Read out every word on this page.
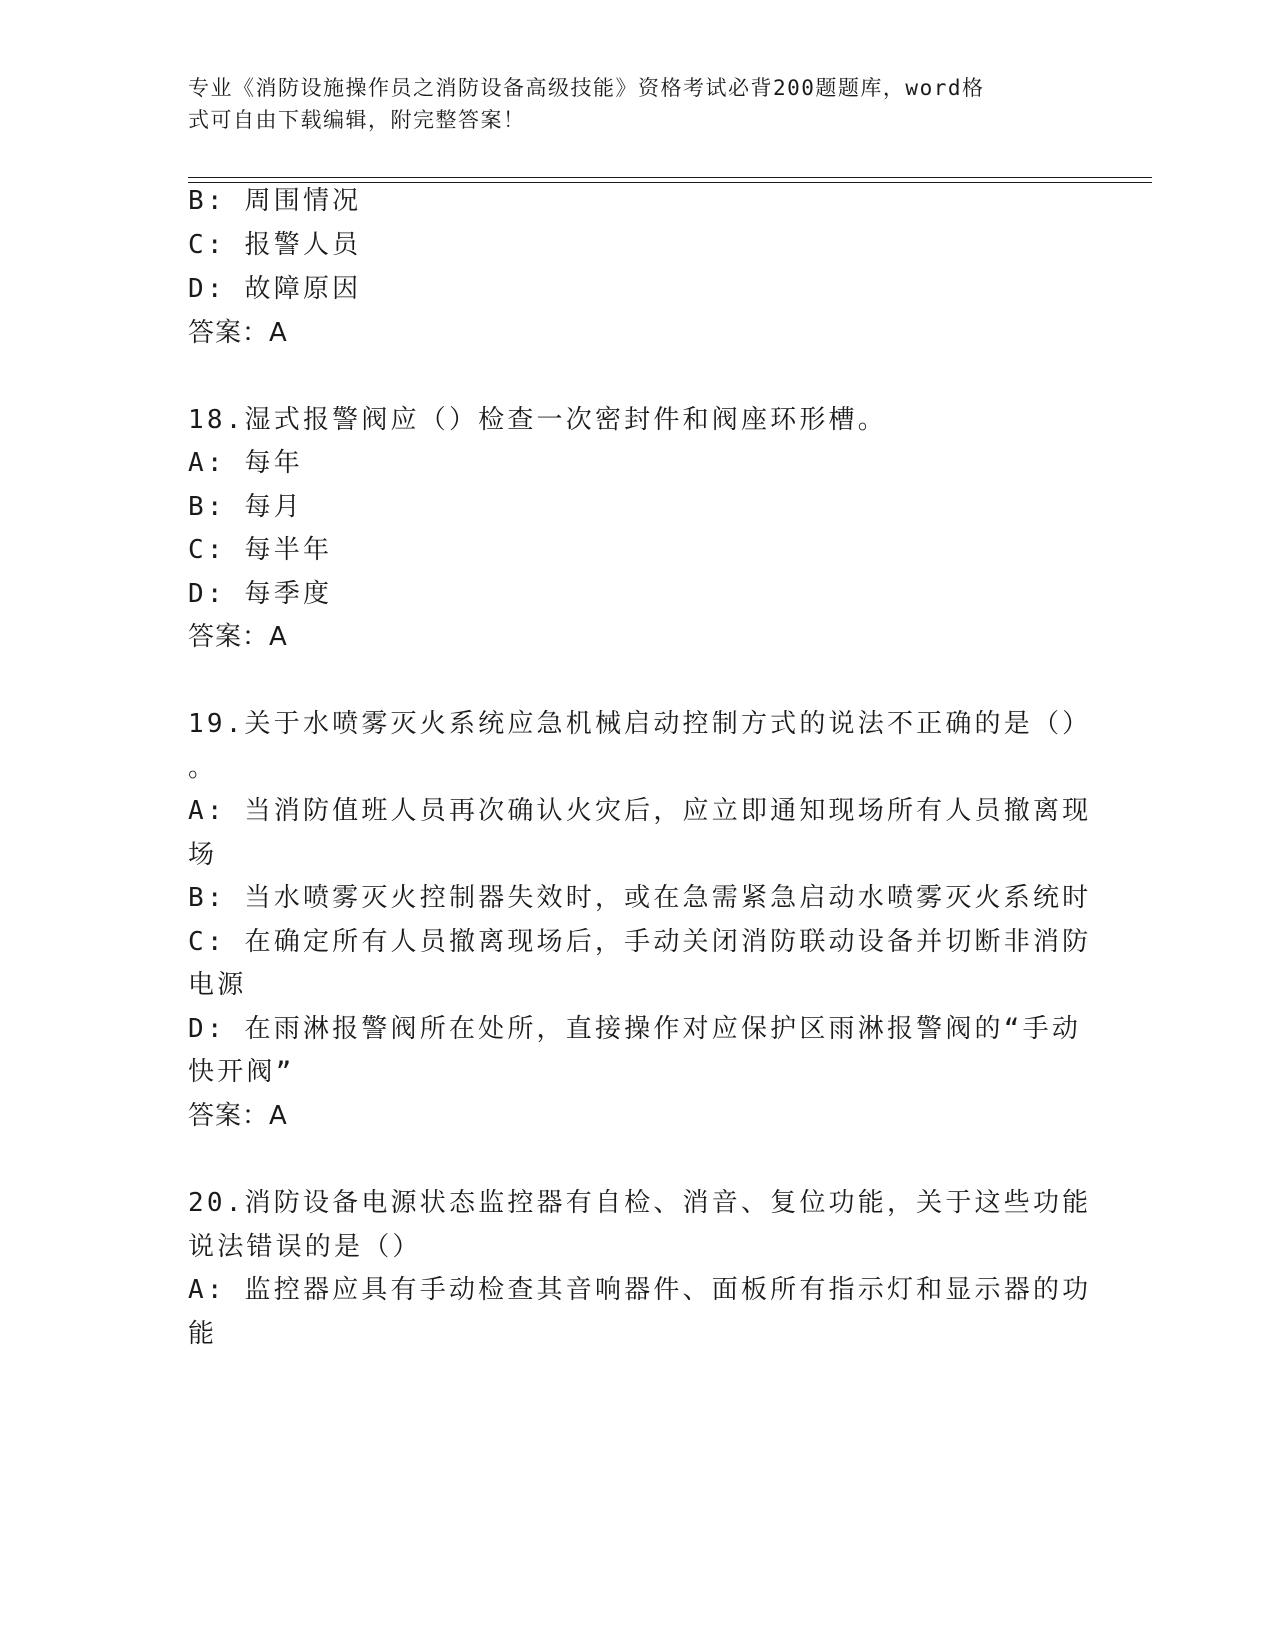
专业《消防设施操作员之消防设备高级技能》资格考试必背200题题库，word格
式可自由下载编辑，附完整答案！
B: 周围情况
C: 报警人员
D: 故障原因
答案：A
18.湿式报警阀应（）检查一次密封件和阀座环形槽。
A: 每年
B: 每月
C: 每半年
D: 每季度
答案：A
19.关于水喷雾灭火系统应急机械启动控制方式的说法不正确的是（）
。
A: 当消防值班人员再次确认火灾后，应立即通知现场所有人员撤离现
场
B: 当水喷雾灭火控制器失效时，或在急需紧急启动水喷雾灭火系统时
C: 在确定所有人员撤离现场后，手动关闭消防联动设备并切断非消防
电源
D: 在雨淋报警阀所在处所，直接操作对应保护区雨淋报警阀的“手动
快开阀”
答案：A
20.消防设备电源状态监控器有自检、消音、复位功能，关于这些功能
说法错误的是（）
A: 监控器应具有手动检查其音响器件、面板所有指示灯和显示器的功
能
